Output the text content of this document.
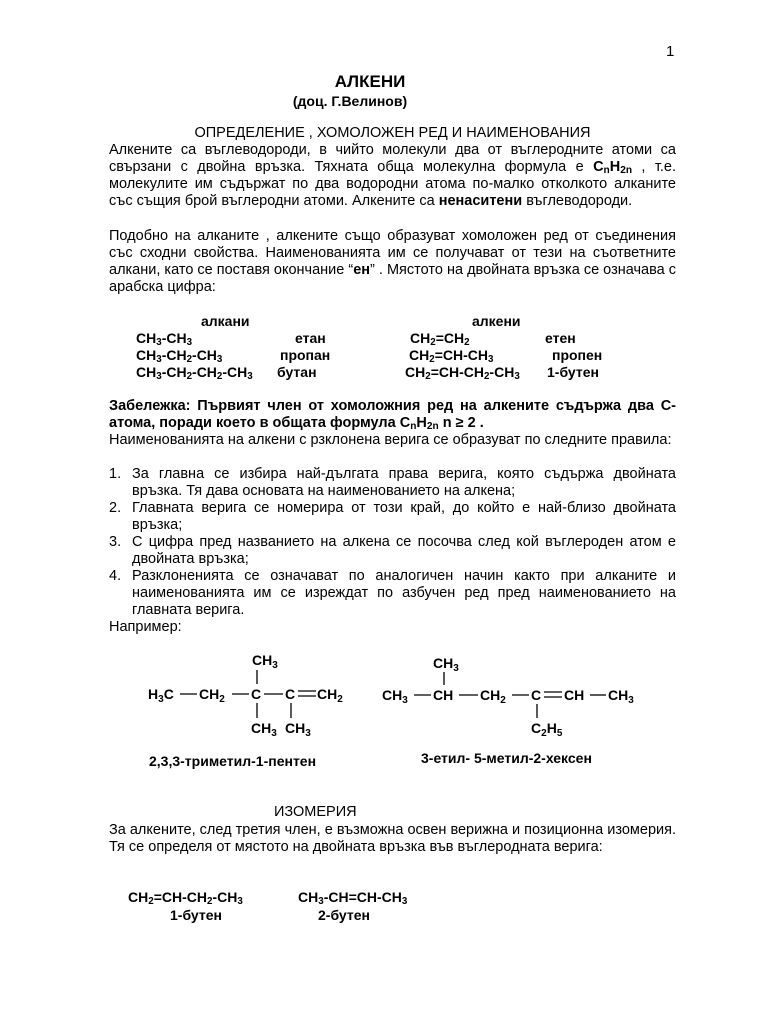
1
АЛКЕНИ
(доц. Г.Велинов)
ОПРЕДЕЛЕНИЕ , ХОМОЛОЖЕН РЕД И НАИМЕНОВАНИЯ
Алкените са въглеводороди, в чийто молекули два от въглеродните атоми са свързани с двойна връзка. Тяхната обща молекулна формула е $C_nH_{2n}$ , т.е. молекулите им съдържат по два водородни атома по-малко отколкото алканите със същия брой въглеродни атоми. Алкените са ненаситени въглеводороди.
Подобно на алканите , алкените също образуват хомоложен ред от съединения със сходни свойства. Наименованията им се получават от тези на съответните алкани, като се поставя окончание “ен” . Мястото на двойната връзка се означава с арабска цифра:
алкани	алкени
$CH_3-CH_3$	етан	$CH_2=CH_2$	етен
$CH_3-CH_2-CH_3$	пропан	$CH_2=CH-CH_3$	пропен
$CH_3-CH_2-CH_2-CH_3$ бутан	$CH_2=CH-CH_2-CH_3$ 1-бутен
Забележка: Първият член от хомоложния ред на алкените съдържа два С-атома, поради което в общата формула $C_nH_{2n}$ n ≥ 2 .
Наименованията на алкени с рзклонена верига се образуват по следните правила:
1. За главна се избира най-дългата права верига, която съдържа двойната връзка. Тя дава основата на наименованието на алкена;
2. Главната верига се номерира от този край, до който е най-близо двойната връзка;
3. С цифра пред названието на алкена се посочва след кой въглероден атом е двойната връзка;
4. Разклоненията се означават по аналогичен начин както при алканите и наименованията им се изреждат по азбучен ред пред наименованието на главната верига.
Например:
$CH_3$
$H_3C$ $CH_2$ C C $CH_2$
$CH_3$ $CH_3$
2,3,3-триметил-1-пентен
$CH_3$
$CH_3$ CH $CH_2$ C CH $CH_3$
$C_2H_5$
3-етил- 5-метил-2-хексен
ИЗОМЕРИЯ
За алкените, след третия член, е възможна освен верижна и позиционна изомерия. Тя се определя от мястото на двойната връзка във въглеродната верига:
$CH_2=CH-CH_2-CH_3$
1-бутен
$CH_3-CH=CH-CH_3$
2-бутен
